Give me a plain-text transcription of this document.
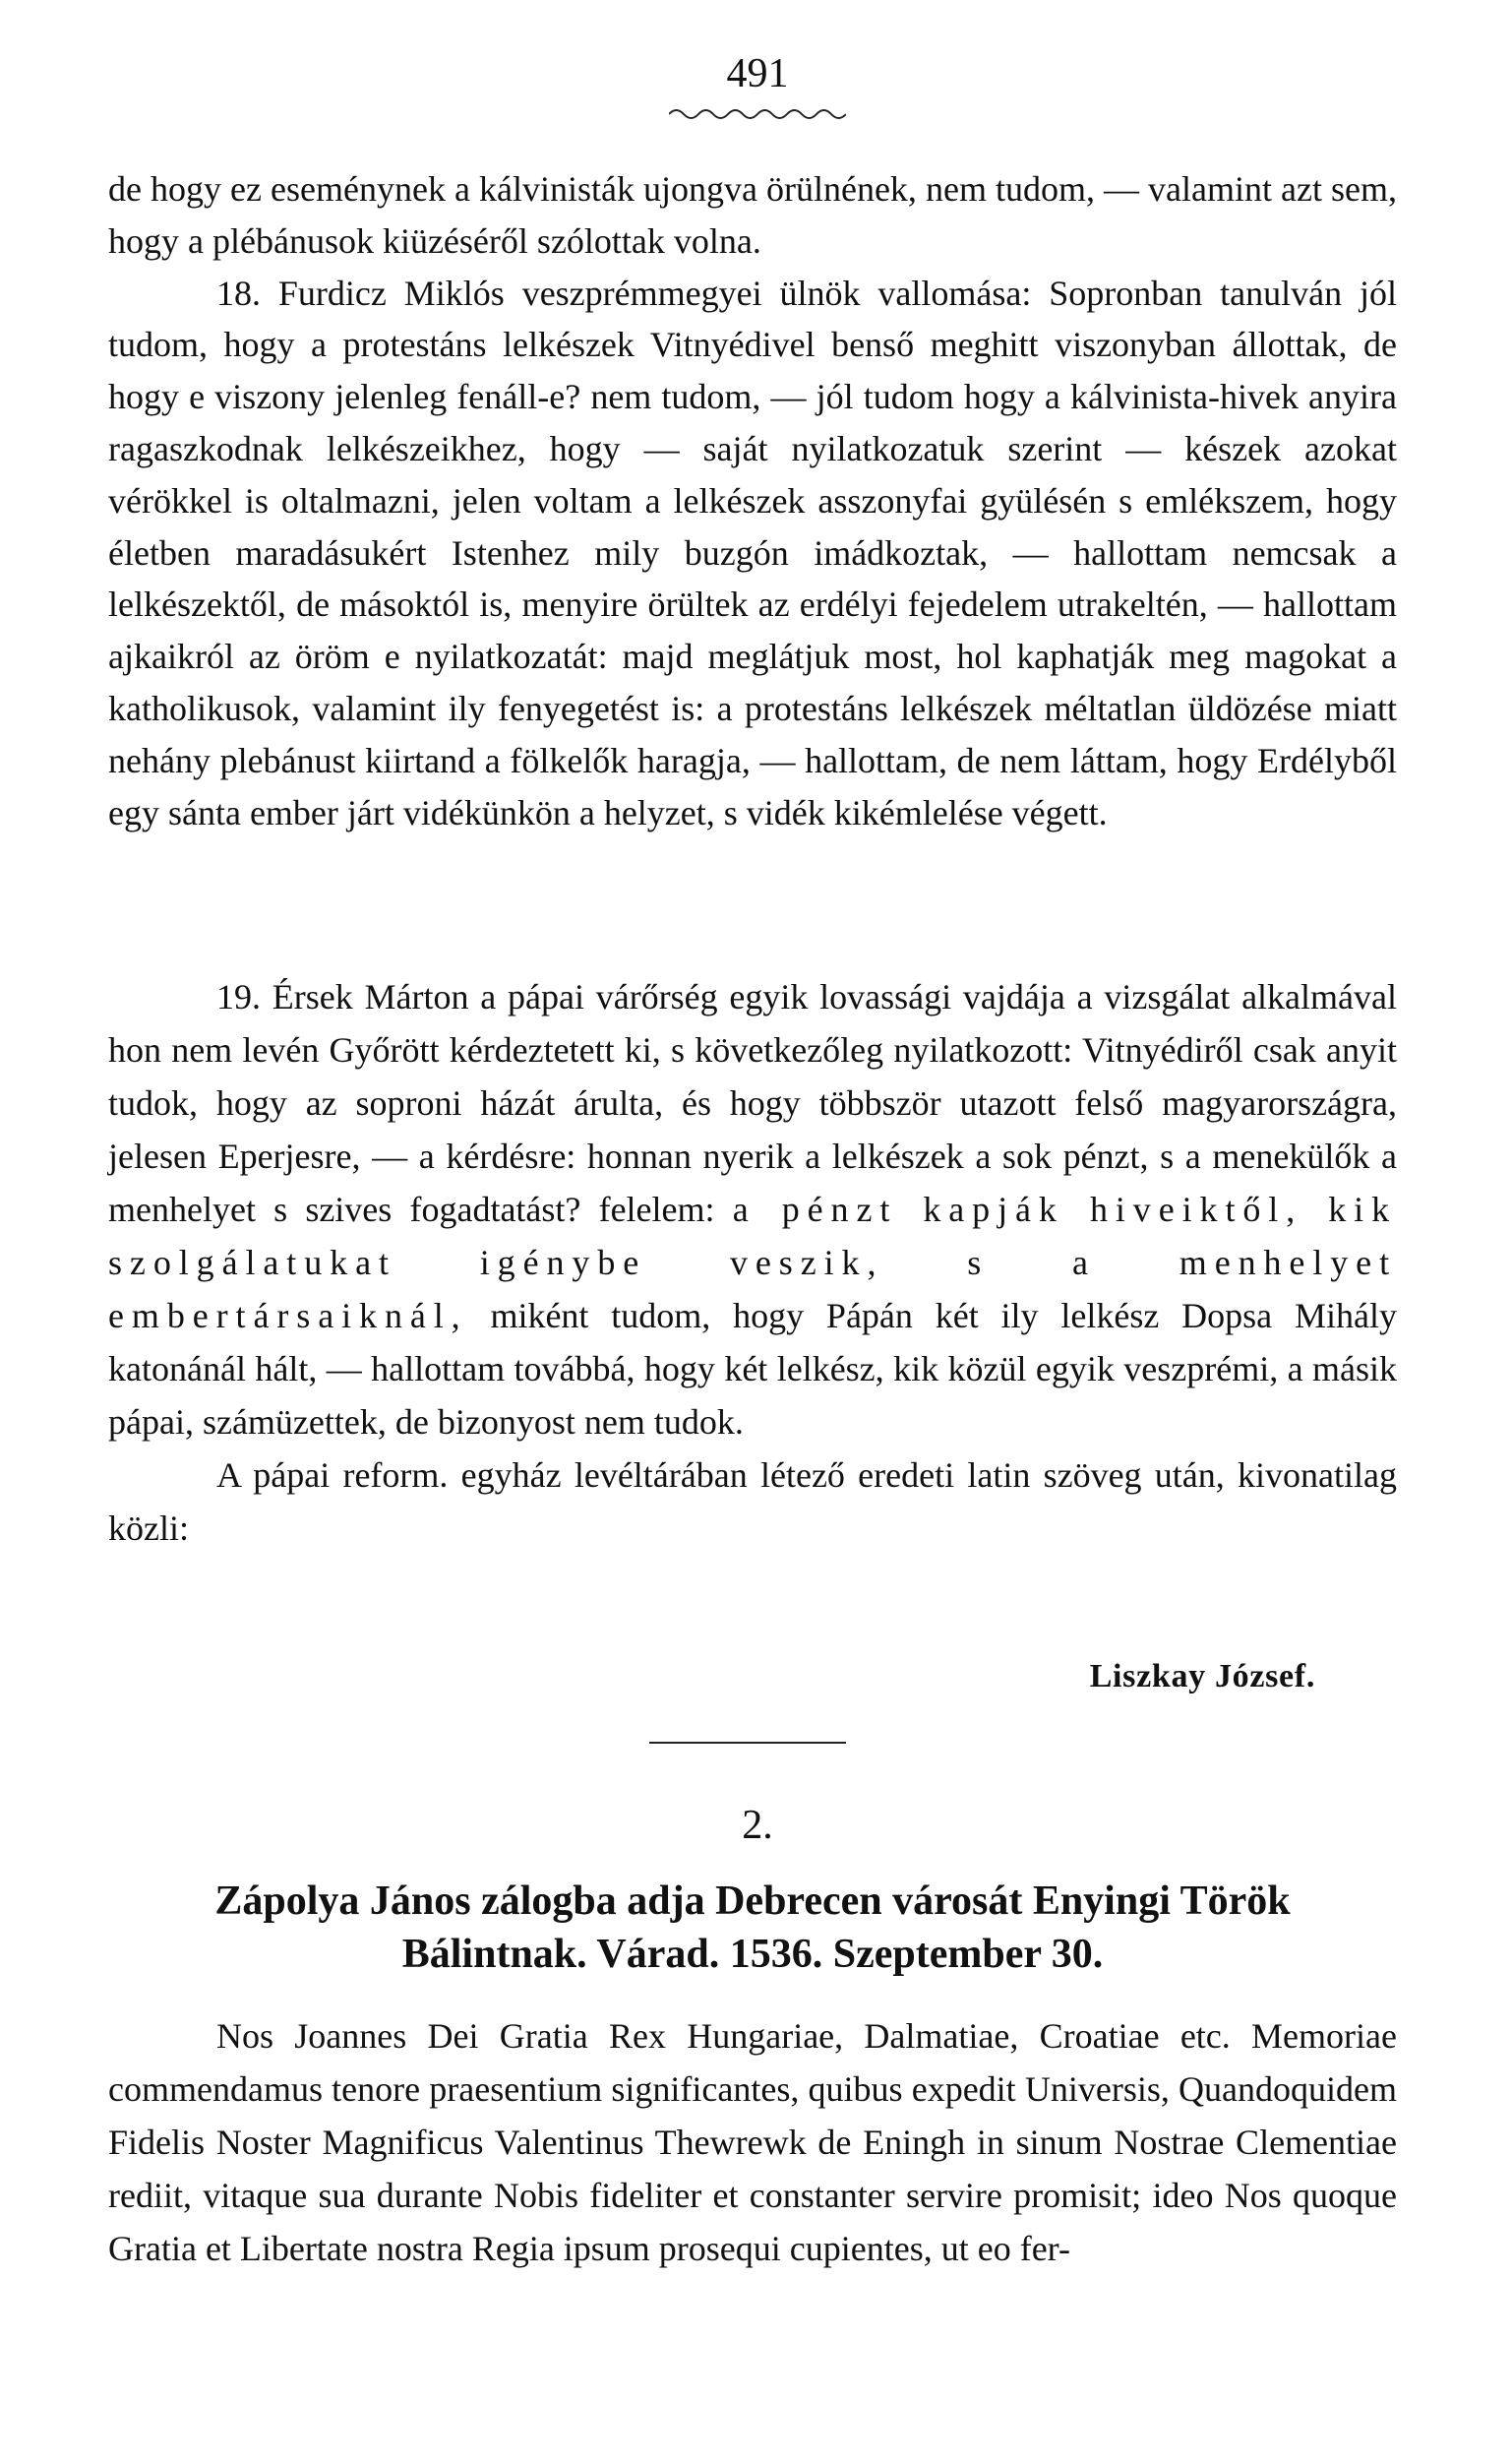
491

de hogy ez eseménynek a kálvinisták ujongva örülnének, nem tudom, — valamint azt sem, hogy a plébánusok kiüzéséről szólottak volna.

18. Furdicz Miklós veszprémmegyei ülnök vallomása: Sopronban tanulván jól tudom, hogy a protestáns lelkészek Vitnyédivel benső meghitt viszonyban állottak, de hogy e viszony jelenleg fenáll-e? nem tudom, — jól tudom hogy a kálvinista-hivek anyira ragaszkodnak lelkészeikhez, hogy — saját nyilatkozatuk szerint — készek azokat vérökkel is oltalmazni, jelen voltam a lelkészek asszonyfai gyülésén s emlékszem, hogy életben maradásukért Istenhez mily buzgón imádkoztak, — hallottam nemcsak a lelkészektől, de másoktól is, menyire örültek az erdélyi fejedelem utrakeltén, — hallottam ajkaikról az öröm e nyilatkozatát: majd meglátjuk most, hol kaphatják meg magokat a katholikusok, valamint ily fenyegetést is: a protestáns lelkészek méltatlan üldözése miatt nehány plebánust kiirtand a fölkelők haragja, — hallottam, de nem láttam, hogy Erdélyből egy sánta ember járt vidékünkön a helyzet, s vidék kikémlelése végett.

19. Érsek Márton a pápai várőrség egyik lovassági vajdája a vizsgálat alkalmával hon nem levén Győrött kérdeztetett ki, s következőleg nyilatkozott: Vitnyédiről csak anyit tudok, hogy az soproni házát árulta, és hogy többször utazott felső magyarországra, jelesen Eperjesre, — a kérdésre: honnan nyerik a lelkészek a sok pénzt, s a menekülők a menhelyet s szives fogadtatást? felelem: a pénzt kapják hiveiktől, kik szolgálatukat igénybe veszik, s a menhelyet embertársaiknál, miként tudom, hogy Pápán két ily lelkész Dopsa Mihály katonánál hált, — hallottam továbbá, hogy két lelkész, kik közül egyik veszprémi, a másik pápai, számüzettek, de bizonyost nem tudok.

A pápai reform. egyház levéltárában létező eredeti latin szöveg után, kivonatilag közli:

Liszkay József.
2.
Zápolya János zálogba adja Debrecen városát Enyingi Török
Bálintnak. Várad. 1536. Szeptember 30.

Nos Joannes Dei Gratia Rex Hungariae, Dalmatiae, Croatiae etc. Memoriae commendamus tenore praesentium significantes, quibus expedit Universis, Quandoquidem Fidelis Noster Magnificus Valentinus Thewrewk de Eningh in sinum Nostrae Clementiae rediit, vitaque sua durante Nobis fideliter et constanter servire promisit; ideo Nos quoque Gratia et Libertate nostra Regia ipsum prosequi cupientes, ut eo fer-
